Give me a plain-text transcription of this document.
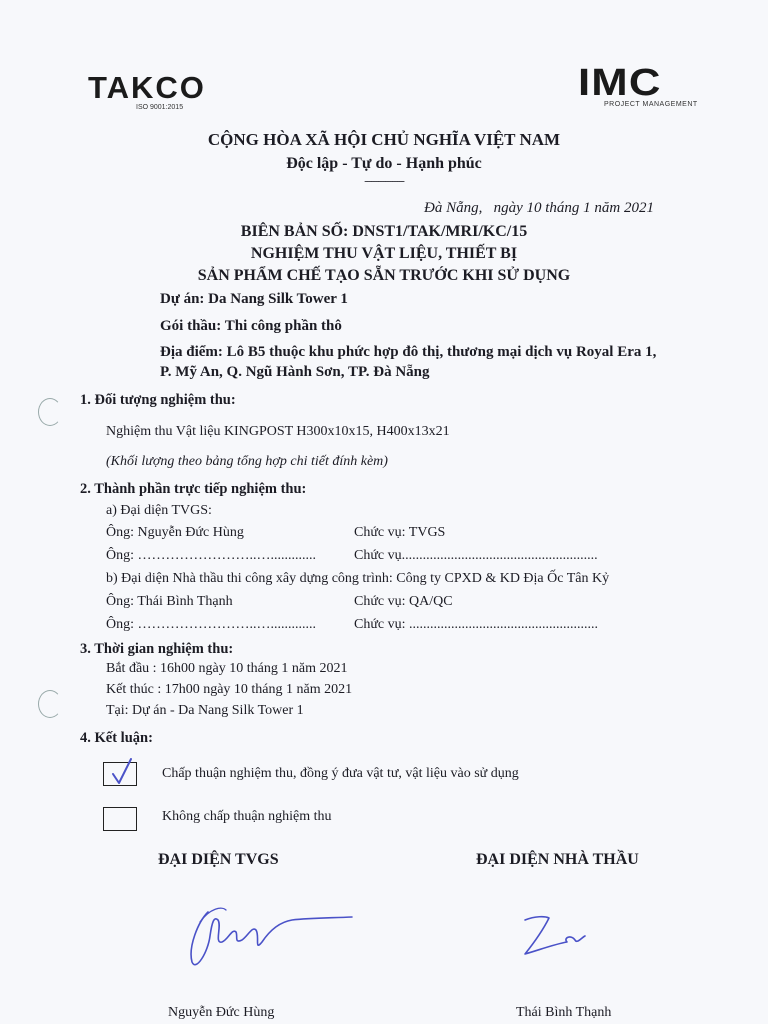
TAKCO
ISO 9001:2015
IMC
PROJECT MANAGEMENT
CỘNG HÒA XÃ HỘI CHỦ NGHĨA VIỆT NAM
Độc lập - Tự do - Hạnh phúc
-----------------
Đà Nẵng, ngày 10 tháng 1 năm 2021
BIÊN BẢN SỐ: DNST1/TAK/MRI/KC/15
NGHIỆM THU VẬT LIỆU, THIẾT BỊ
SẢN PHẨM CHẾ TẠO SẴN TRƯỚC KHI SỬ DỤNG
Dự án: Da Nang Silk Tower 1
Gói thầu: Thi công phần thô
Địa điểm: Lô B5 thuộc khu phức hợp đô thị, thương mại dịch vụ Royal Era 1,
P. Mỹ An, Q. Ngũ Hành Sơn, TP. Đà Nẵng
1. Đối tượng nghiệm thu:
Nghiệm thu Vật liệu KINGPOST H300x10x15, H400x13x21
(Khối lượng theo bảng tổng hợp chi tiết đính kèm)
2. Thành phần trực tiếp nghiệm thu:
a) Đại diện TVGS:
Ông: Nguyễn Đức Hùng	Chức vụ: TVGS
Ông: ……………………..….............	Chức vụ........................................................
b) Đại diện Nhà thầu thi công xây dựng công trình: Công ty CPXD & KD Địa Ốc Tân Kỷ
Ông: Thái Bình Thạnh	Chức vụ: QA/QC
Ông: ……………………..….............	Chức vụ: ......................................................
3. Thời gian nghiệm thu:
Bắt đầu : 16h00 ngày 10 tháng 1 năm 2021
Kết thúc : 17h00 ngày 10 tháng 1 năm 2021
Tại: Dự án - Da Nang Silk Tower 1
4. Kết luận:
Chấp thuận nghiệm thu, đồng ý đưa vật tư, vật liệu vào sử dụng
Không chấp thuận nghiệm thu
ĐẠI DIỆN TVGS	ĐẠI DIỆN NHÀ THẦU
Nguyễn Đức Hùng	Thái Bình Thạnh
